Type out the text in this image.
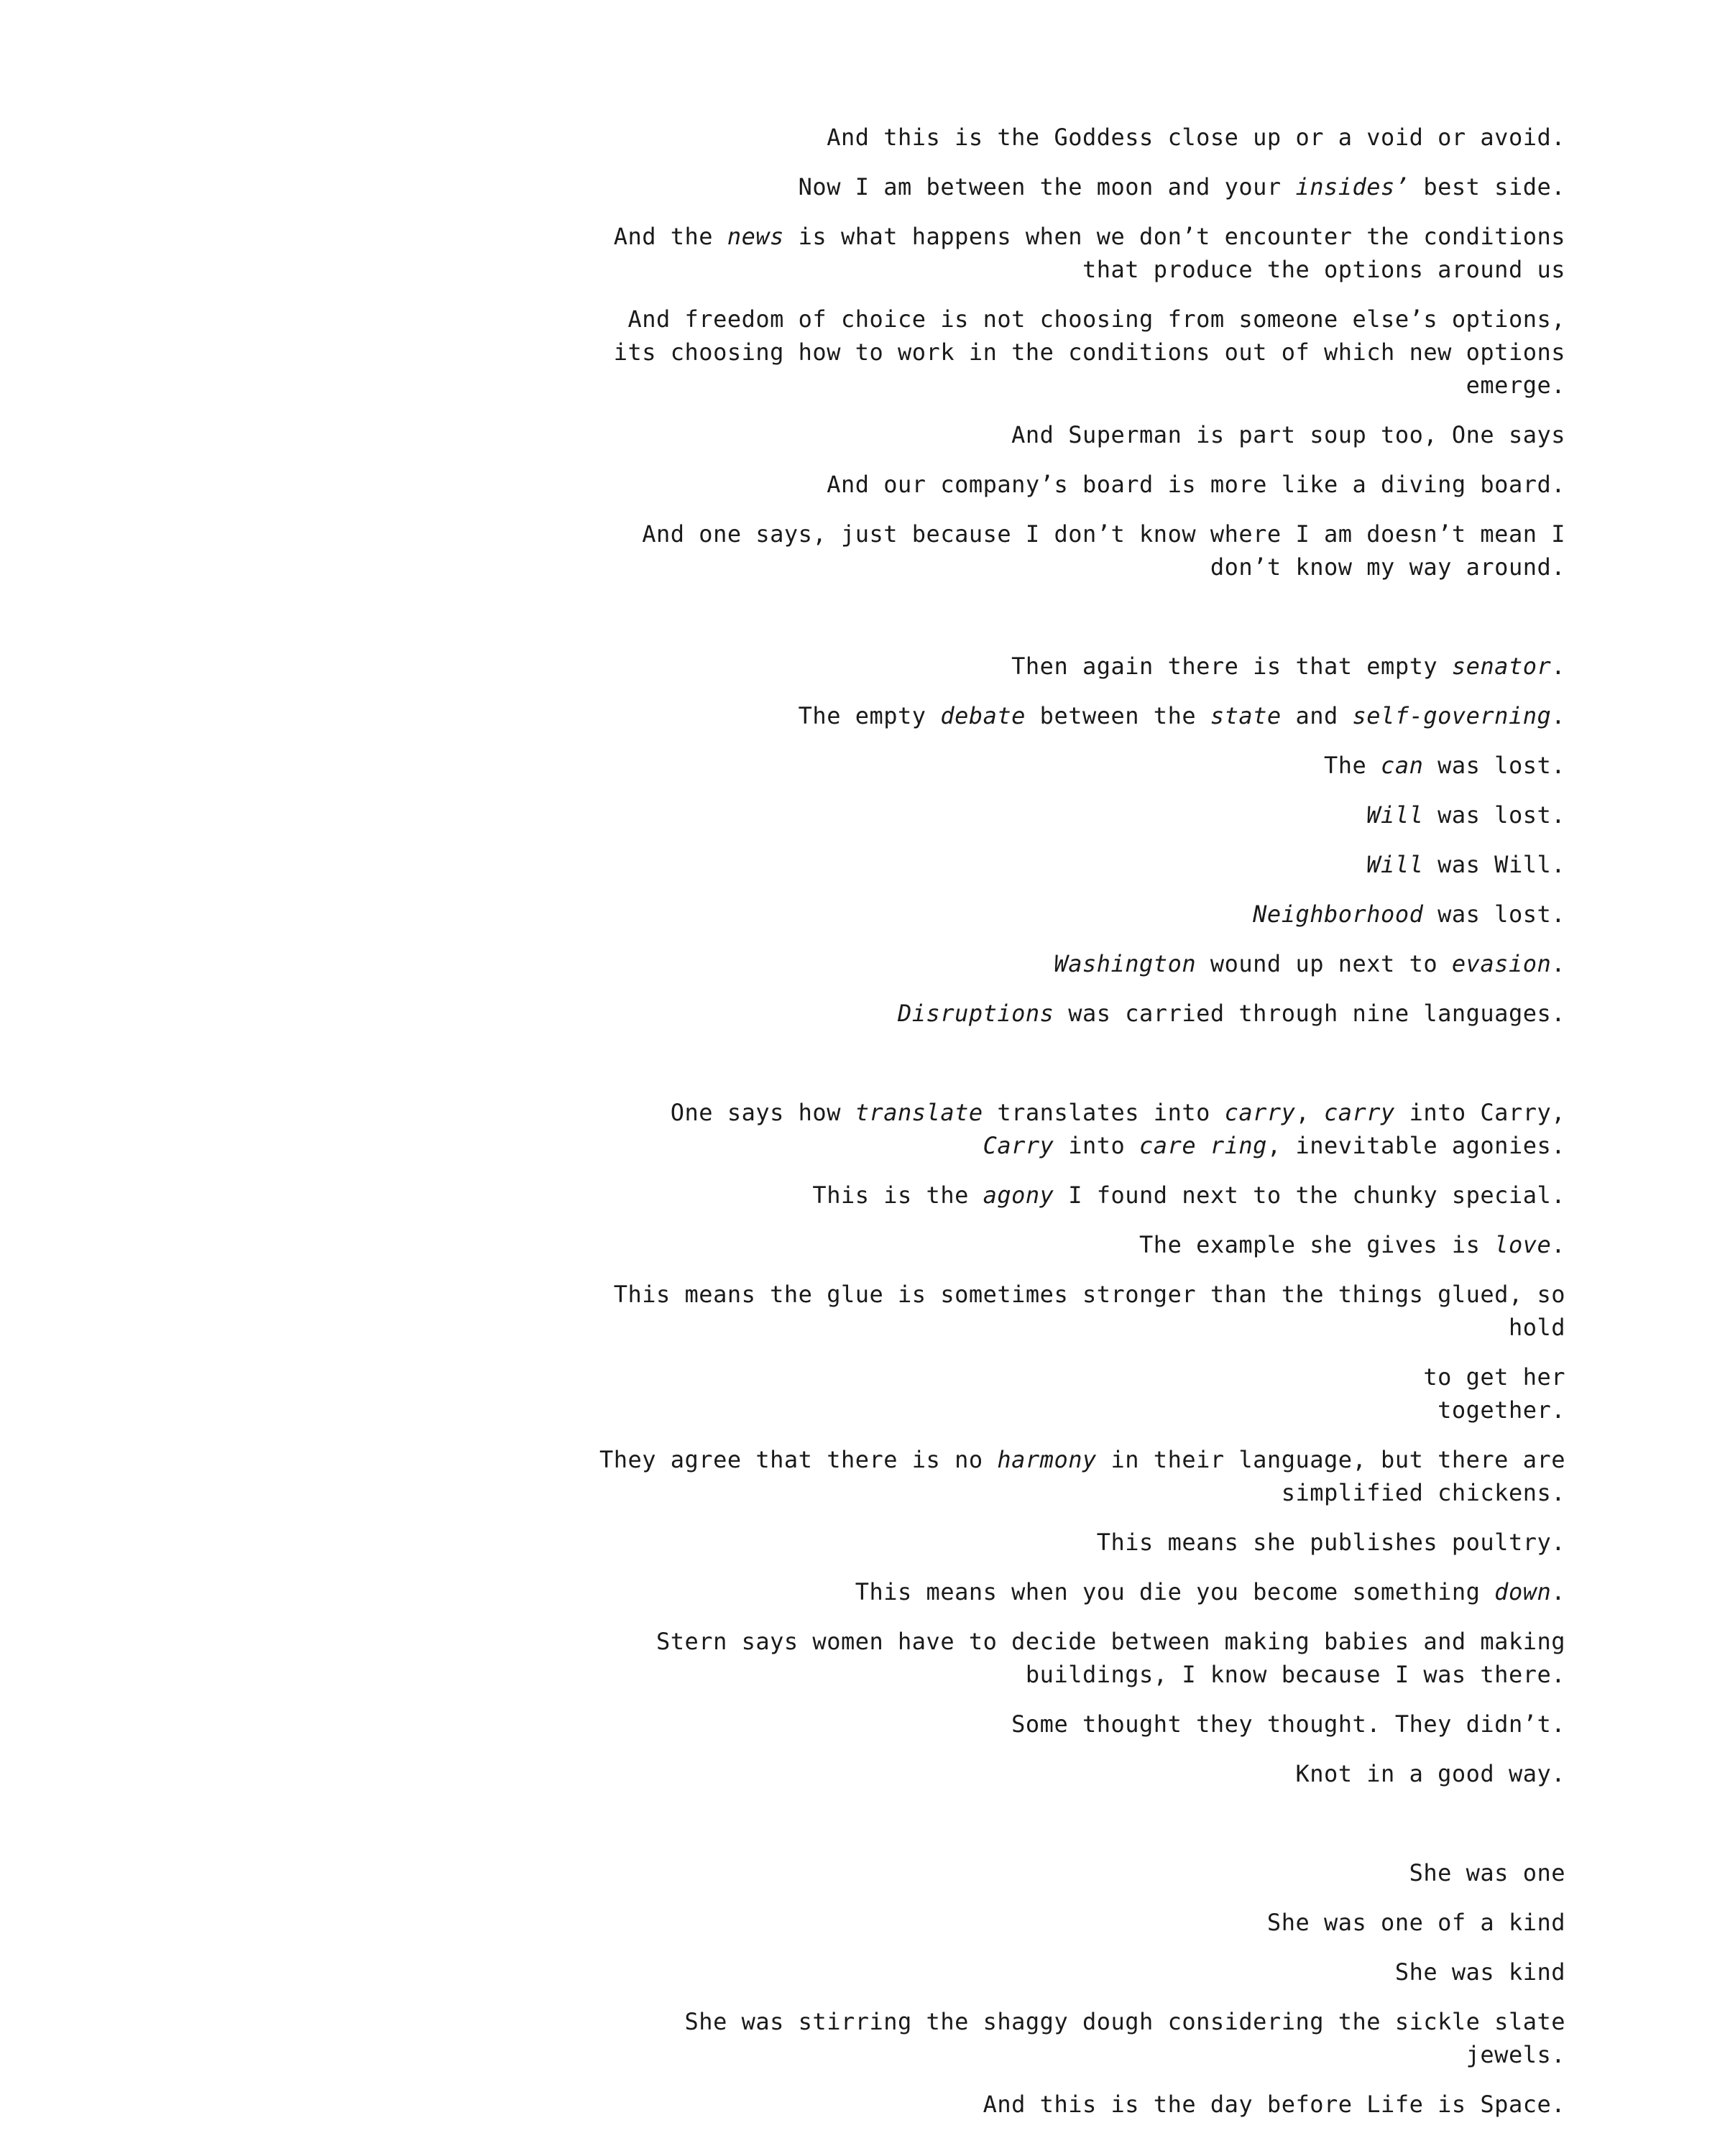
And this is the Goddess close up or a void or avoid.

Now I am between the moon and your insides’ best side.

And the news is what happens when we don’t encounter the conditions that produce the options around us

And freedom of choice is not choosing from someone else’s options, its choosing how to work in the conditions out of which new options emerge.

And Superman is part soup too, One says

And our company’s board is more like a diving board.

And one says, just because I don’t know where I am doesn’t mean I don’t know my way around.

Then again there is that empty senator.

The empty debate between the state and self-governing.

The can was lost.

Will was lost.

Will was Will.

Neighborhood was lost.

Washington wound up next to evasion.

Disruptions was carried through nine languages.

One says how translate translates into carry, carry into Carry, Carry into care ring, inevitable agonies.

This is the agony I found next to the chunky special.

The example she gives is love.

This means the glue is sometimes stronger than the things glued, so hold

to get her
together.

They agree that there is no harmony in their language, but there are simplified chickens.

This means she publishes poultry.

This means when you die you become something down.

Stern says women have to decide between making babies and making buildings, I know because I was there.

Some thought they thought. They didn’t.

Knot in a good way.

She was one

She was one of a kind

She was kind

She was stirring the shaggy dough considering the sickle slate jewels.

And this is the day before Life is Space.
